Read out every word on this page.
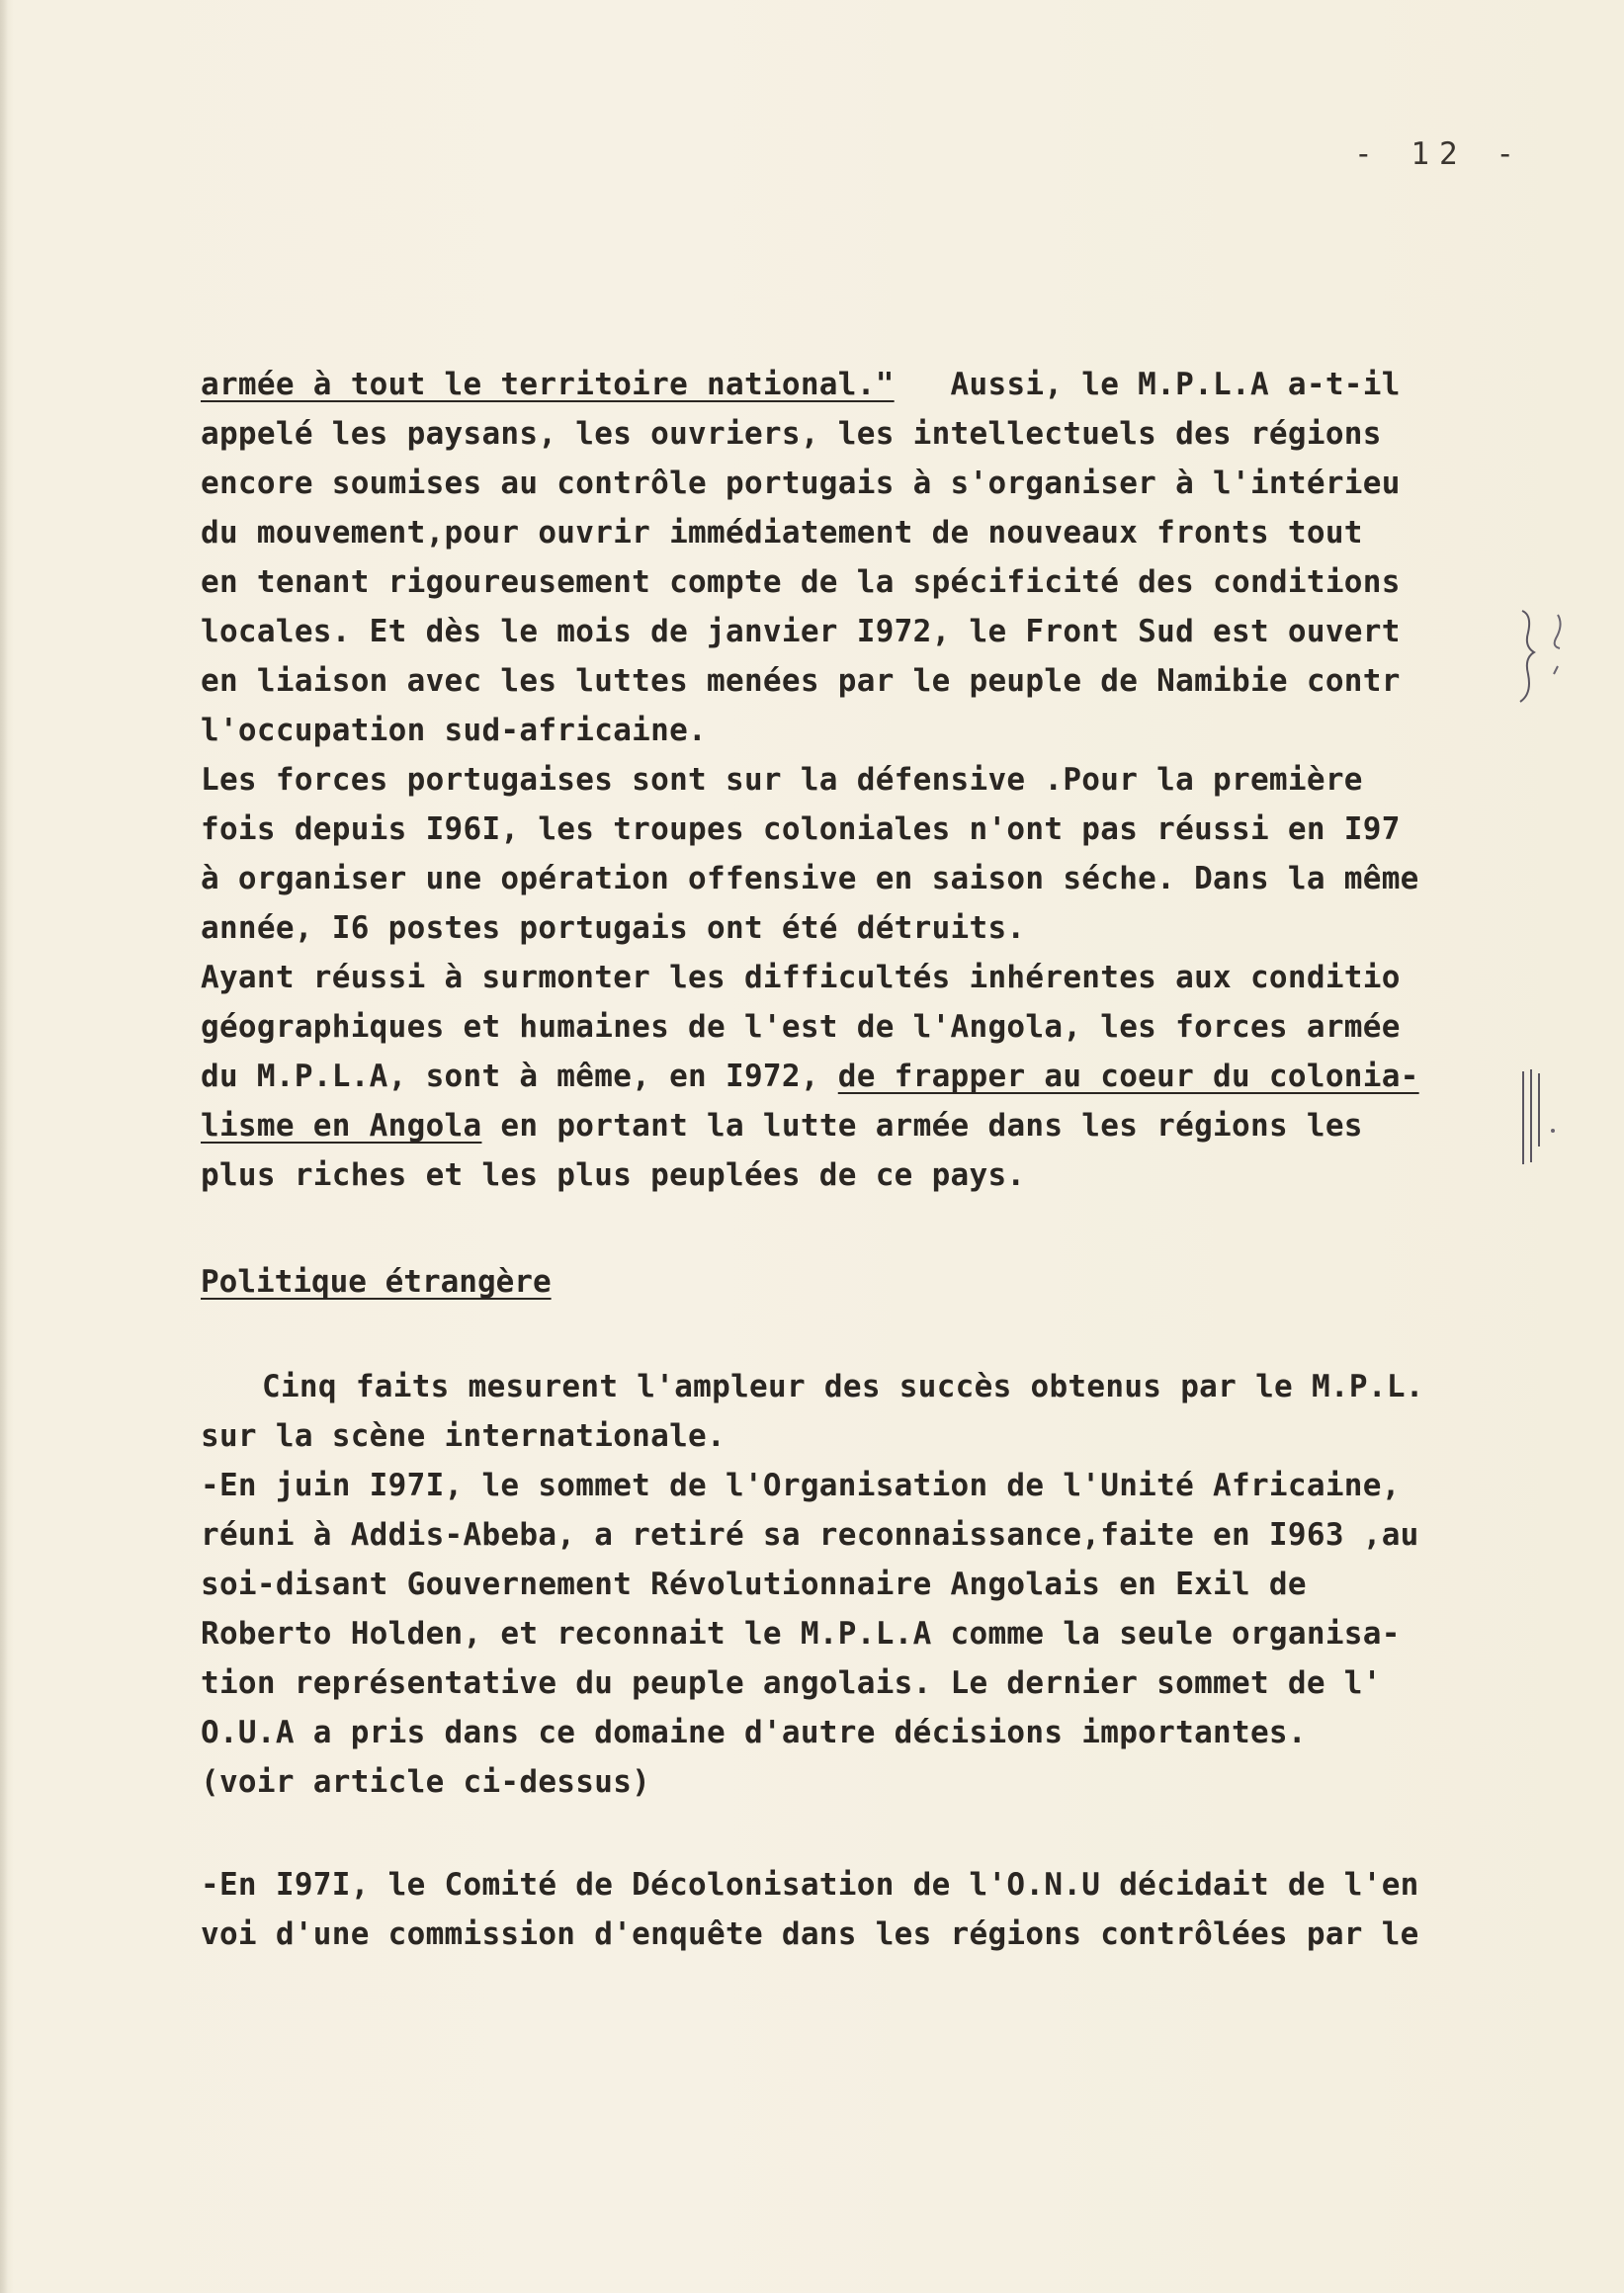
- 12 -
armée à tout le territoire national."   Aussi, le M.P.L.A a-t-il
appelé les paysans, les ouvriers, les intellectuels des régions
encore soumises au contrôle portugais à s'organiser à l'intérieu
du mouvement,pour ouvrir immédiatement de nouveaux fronts tout
en tenant rigoureusement compte de la spécificité des conditions
locales. Et dès le mois de janvier I972, le Front Sud est ouvert
en liaison avec les luttes menées par le peuple de Namibie contr
l'occupation sud-africaine.
Les forces portugaises sont sur la défensive .Pour la première
fois depuis I96I, les troupes coloniales n'ont pas réussi en I97
à organiser une opération offensive en saison séche. Dans la même
année, I6 postes portugais ont été détruits.
Ayant réussi à surmonter les difficultés inhérentes aux conditio
géographiques et humaines de l'est de l'Angola, les forces armée
du M.P.L.A, sont à même, en I972, de frapper au coeur du colonia-
lisme en Angola en portant la lutte armée dans les régions les
plus riches et les plus peuplées de ce pays.
Politique étrangère
Cinq faits mesurent l'ampleur des succès obtenus par le M.P.L.
sur la scène internationale.
-En juin I97I, le sommet de l'Organisation de l'Unité Africaine,
réuni à Addis-Abeba, a retiré sa reconnaissance,faite en I963 ,au
soi-disant Gouvernement Révolutionnaire Angolais en Exil de
Roberto Holden, et reconnait le M.P.L.A comme la seule organisa-
tion représentative du peuple angolais. Le dernier sommet de l'
O.U.A a pris dans ce domaine d'autre décisions importantes.
(voir article ci-dessus)
-En I97I, le Comité de Décolonisation de l'O.N.U décidait de l'en
voi d'une commission d'enquête dans les régions contrôlées par le
